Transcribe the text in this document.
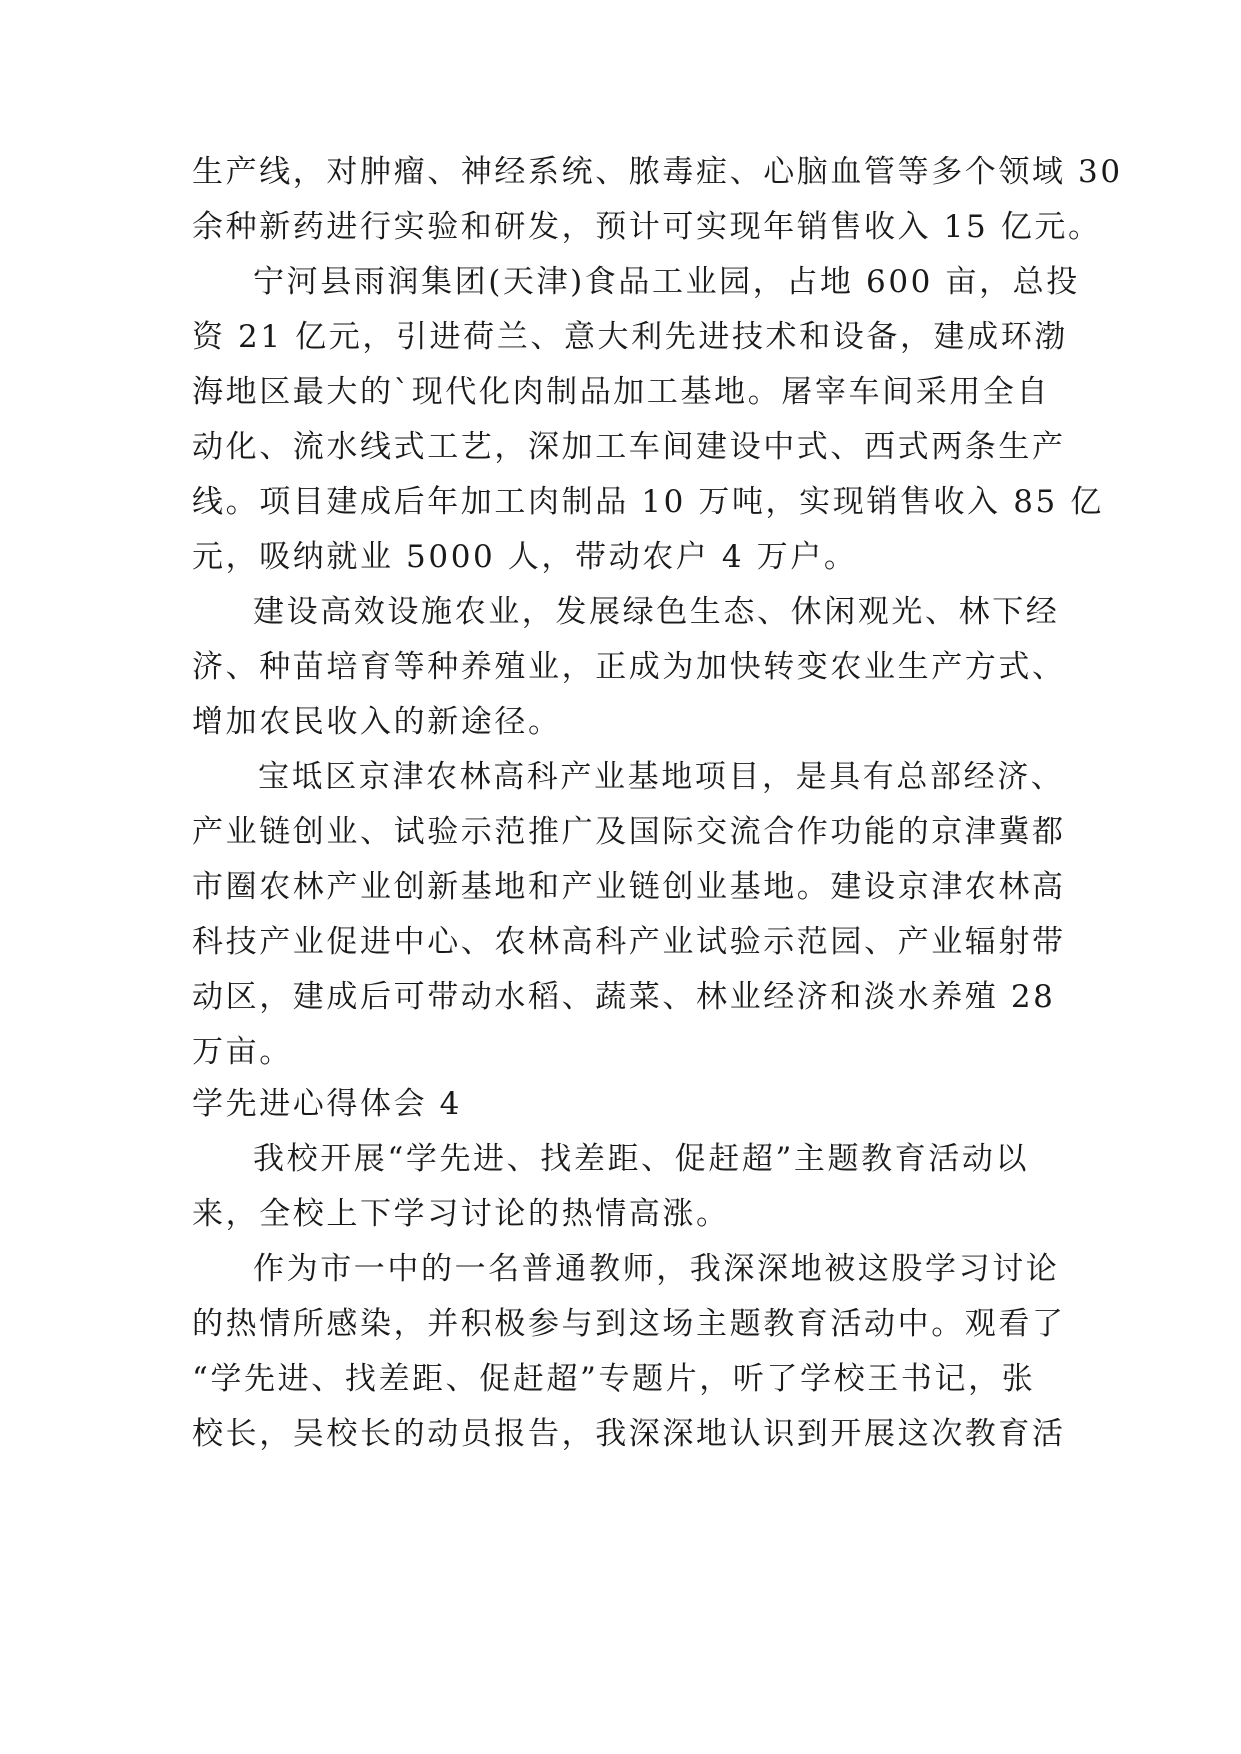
生产线，对肿瘤、神经系统、脓毒症、心脑血管等多个领域 30

余种新药进行实验和研发，预计可实现年销售收入 15 亿元。

宁河县雨润集团(天津)食品工业园，占地 600 亩，总投

资 21 亿元，引进荷兰、意大利先进技术和设备，建成环渤

海地区最大的`现代化肉制品加工基地。屠宰车间采用全自

动化、流水线式工艺，深加工车间建设中式、西式两条生产

线。项目建成后年加工肉制品 10 万吨，实现销售收入 85 亿

元，吸纳就业 5000 人，带动农户 4 万户。

建设高效设施农业，发展绿色生态、休闲观光、林下经

济、种苗培育等种养殖业，正成为加快转变农业生产方式、

增加农民收入的新途径。

宝坻区京津农林高科产业基地项目，是具有总部经济、

产业链创业、试验示范推广及国际交流合作功能的京津冀都

市圈农林产业创新基地和产业链创业基地。建设京津农林高

科技产业促进中心、农林高科产业试验示范园、产业辐射带

动区，建成后可带动水稻、蔬菜、林业经济和淡水养殖 28

万亩。

学先进心得体会 4

我校开展“学先进、找差距、促赶超”主题教育活动以

来，全校上下学习讨论的热情高涨。

作为市一中的一名普通教师，我深深地被这股学习讨论

的热情所感染，并积极参与到这场主题教育活动中。观看了

“学先进、找差距、促赶超”专题片，听了学校王书记，张

校长，吴校长的动员报告，我深深地认识到开展这次教育活
